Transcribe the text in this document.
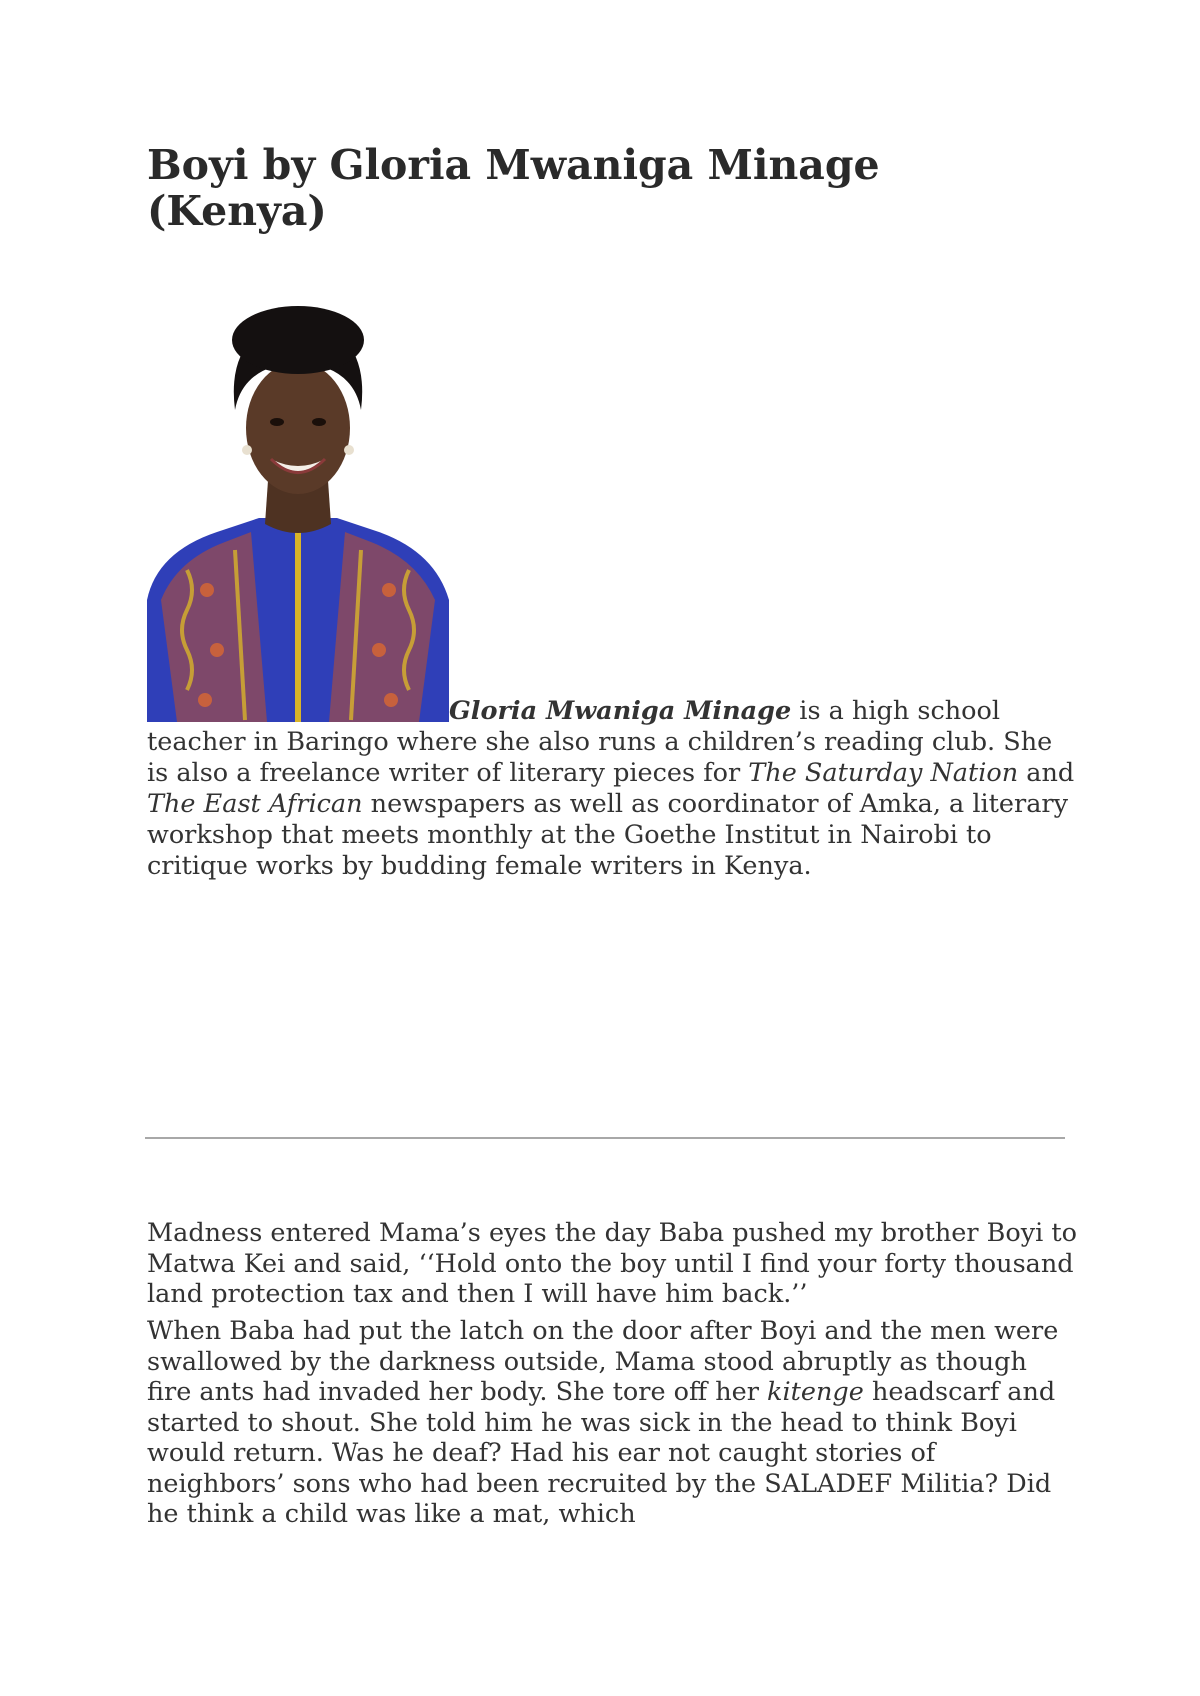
Boyi by Gloria Mwaniga Minage (Kenya)

Gloria Mwaniga Minage is a high school teacher in Baringo where she also runs a children’s reading club. She is also a freelance writer of literary pieces for The Saturday Nation and The East African newspapers as well as coordinator of Amka, a literary workshop that meets monthly at the Goethe Institut in Nairobi to critique works by budding female writers in Kenya.

Madness entered Mama’s eyes the day Baba pushed my brother Boyi to Matwa Kei and said, ‘‘Hold onto the boy until I find your forty thousand land protection tax and then I will have him back.’’

When Baba had put the latch on the door after Boyi and the men were swallowed by the darkness outside, Mama stood abruptly as though fire ants had invaded her body. She tore off her kitenge headscarf and started to shout. She told him he was sick in the head to think Boyi would return. Was he deaf? Had his ear not caught stories of neighbors’ sons who had been recruited by the SALADEF Militia? Did he think a child was like a mat, which
